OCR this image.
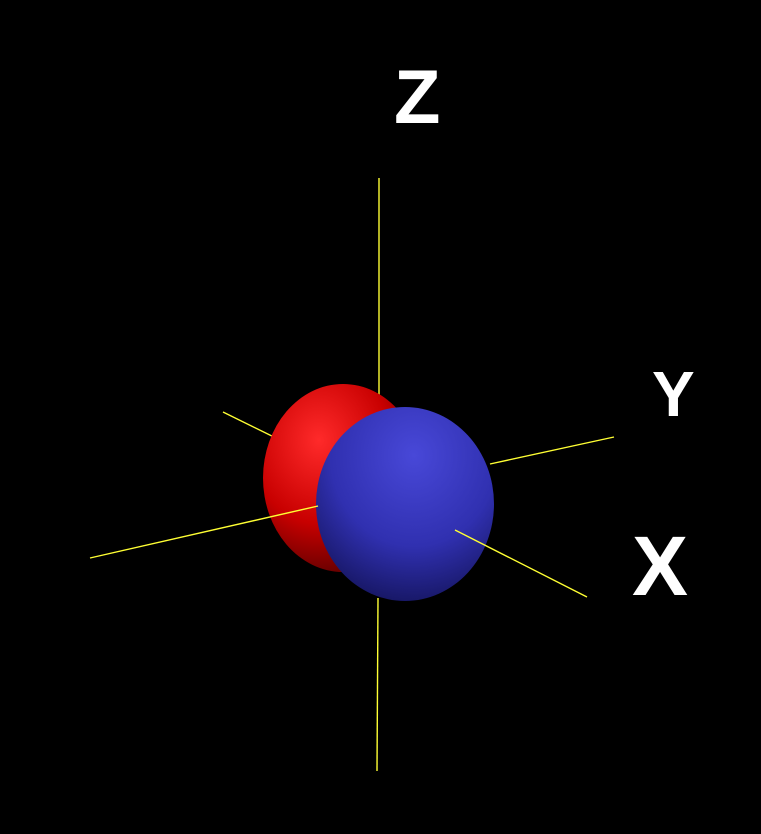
Z
Y
X
